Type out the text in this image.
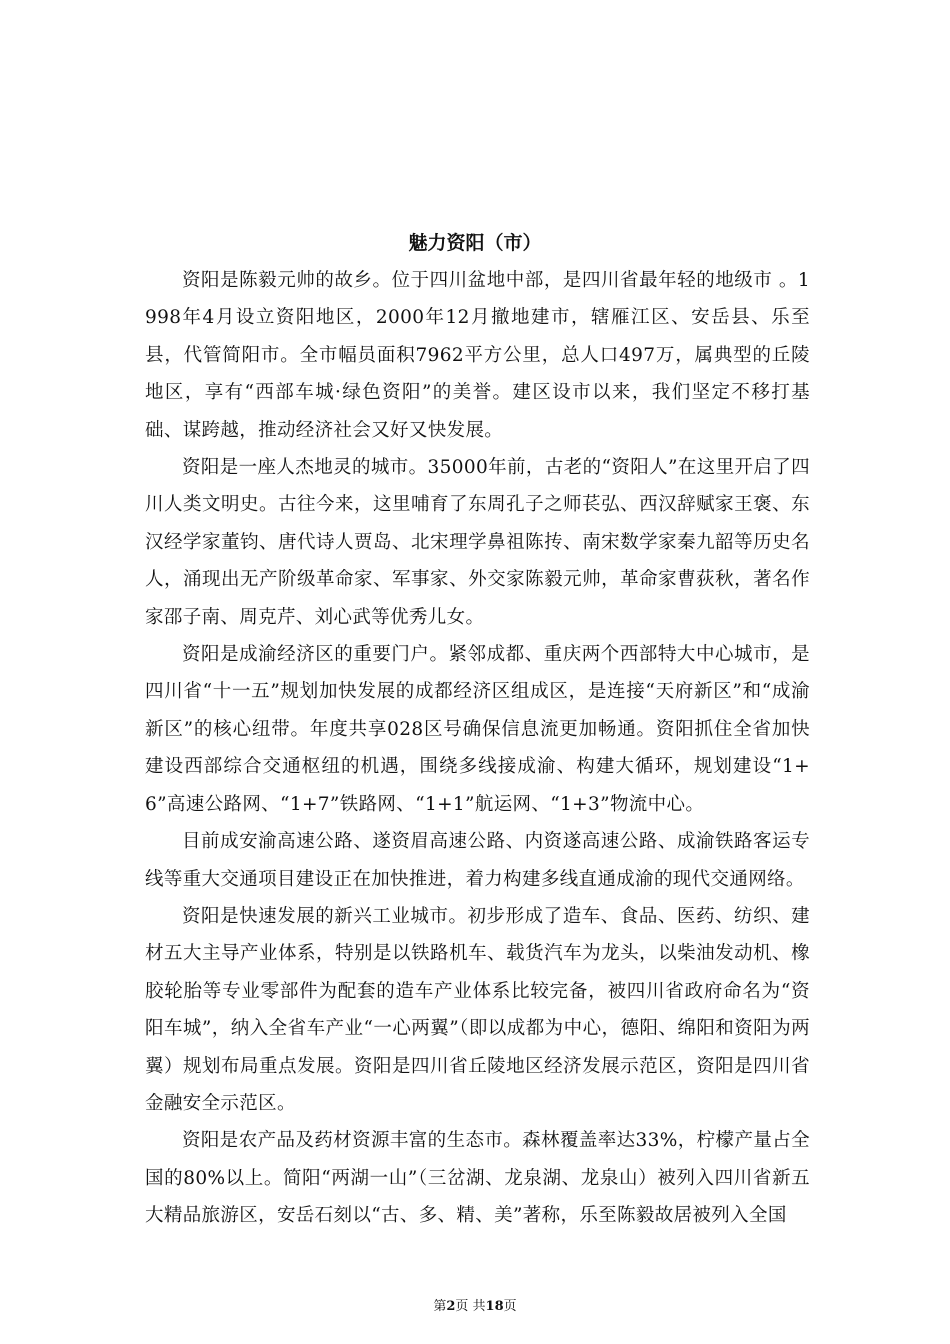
魅力资阳（市）

资阳是陈毅元帅的故乡。位于四川盆地中部，是四川省最年轻的地级市 。1998年4月设立资阳地区，2000年12月撤地建市，辖雁江区、安岳县、乐至县，代管简阳市。全市幅员面积7962平方公里，总人口497万，属典型的丘陵地区，享有“西部车城·绿色资阳”的美誉。建区设市以来，我们坚定不移打基础、谋跨越，推动经济社会又好又快发展。

资阳是一座人杰地灵的城市。35000年前，古老的“资阳人”在这里开启了四川人类文明史。古往今来，这里哺育了东周孔子之师苌弘、西汉辞赋家王褒、东汉经学家董钧、唐代诗人贾岛、北宋理学鼻祖陈抟、南宋数学家秦九韶等历史名人，涌现出无产阶级革命家、军事家、外交家陈毅元帅，革命家曹荻秋，著名作家邵子南、周克芹、刘心武等优秀儿女。

资阳是成渝经济区的重要门户。紧邻成都、重庆两个西部特大中心城市，是四川省“十一五”规划加快发展的成都经济区组成区，是连接“天府新区”和“成渝新区”的核心纽带。年度共享028区号确保信息流更加畅通。资阳抓住全省加快建设西部综合交通枢纽的机遇，围绕多线接成渝、构建大循环，规划建设“1+6”高速公路网、“1+7”铁路网、“1+1”航运网、“1+3”物流中心。

目前成安渝高速公路、遂资眉高速公路、内资遂高速公路、成渝铁路客运专线等重大交通项目建设正在加快推进，着力构建多线直通成渝的现代交通网络。

资阳是快速发展的新兴工业城市。初步形成了造车、食品、医药、纺织、建材五大主导产业体系，特别是以铁路机车、载货汽车为龙头，以柴油发动机、橡胶轮胎等专业零部件为配套的造车产业体系比较完备，被四川省政府命名为“资阳车城”，纳入全省车产业“一心两翼”（即以成都为中心，德阳、绵阳和资阳为两翼）规划布局重点发展。资阳是四川省丘陵地区经济发展示范区，资阳是四川省金融安全示范区。

资阳是农产品及药材资源丰富的生态市。森林覆盖率达33%，柠檬产量占全国的80%以上。简阳“两湖一山”（三岔湖、龙泉湖、龙泉山）被列入四川省新五大精品旅游区，安岳石刻以“古、多、精、美”著称，乐至陈毅故居被列入全国

第2页 共18页
